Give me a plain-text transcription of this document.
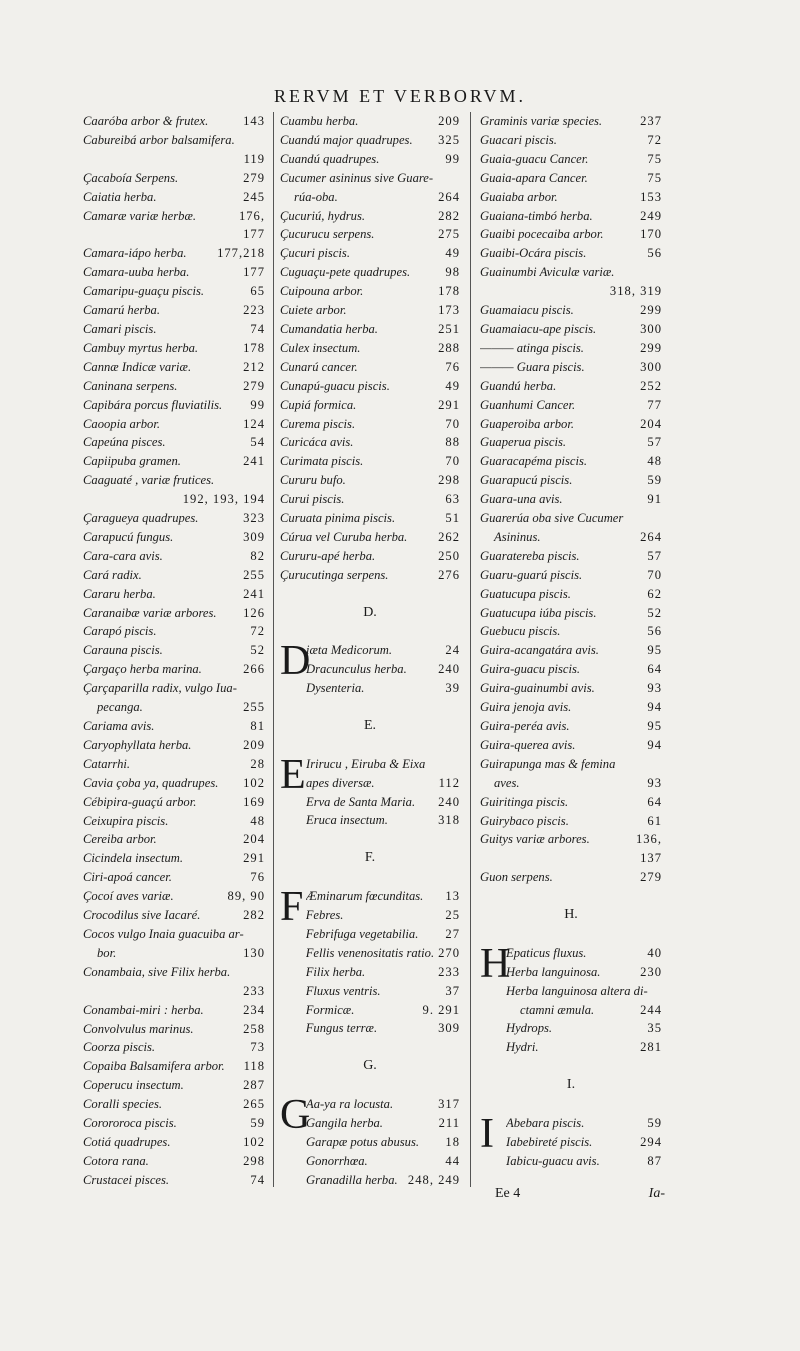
RERVM ET VERBORVM.
Caaróba arbor & frutex.	143
Cabureibá arbor balsamifera.
119
Çacaboía Serpens.	279
Caiatia herba.	245
Camaræ variæ herbæ.	176,
177
Camara-iápo herba.	177,218
Camara-uuba herba.	177
Camaripu-guaçu piscis.	65
Camarú herba.	223
Camari piscis.	74
Cambuy myrtus herba.	178
Cannæ Indicæ variæ.	212
Caninana serpens.	279
Capibára porcus fluviatilis.	99
Caoopia arbor.	124
Capeúna pisces.	54
Capiipuba gramen.	241
Caaguaté , variæ frutices.
192, 193, 194
Çaragueya quadrupes.	323
Carapucú fungus.	309
Cara-cara avis.	82
Cará radix.	255
Cararu herba.	241
Caranaibæ variæ arbores.	126
Carapó piscis.	72
Carauna piscis.	52
Çargaço herba marina.	266
Çarçaparilla radix, vulgo Iua-
pecanga.	255
Cariama avis.	81
Caryophyllata herba.	209
Catarrhi.	28
Cavia çoba ya, quadrupes.	102
Cébipira-guaçú arbor.	169
Ceixupira piscis.	48
Cereiba arbor.	204
Cicindela insectum.	291
Ciri-apoá cancer.	76
Çocoí aves variæ.	89, 90
Crocodilus sive Iacaré.	282
Cocos vulgo Inaia guacuiba ar-
bor.	130
Conambaia, sive Filix herba.
233
Conambai-miri : herba.	234
Convolvulus marinus.	258
Coorza piscis.	73
Copaiba Balsamifera arbor.	118
Coperucu insectum.	287
Coralli species.	265
Corororoca piscis.	59
Cotiá quadrupes.	102
Cotora rana.	298
Crustacei pisces.	74
Cuambu herba.	209
Cuandú major quadrupes.	325
Cuandú quadrupes.	99
Cucumer asininus sive Guare-
rúa-oba.	264
Çucuriú, hydrus.	282
Çucurucu serpens.	275
Çucuri piscis.	49
Cuguaçu-pete quadrupes.	98
Cuipouna arbor.	178
Cuiete arbor.	173
Cumandatia herba.	251
Culex insectum.	288
Cunarú cancer.	76
Cunapú-guacu piscis.	49
Cupiá formica.	291
Curema piscis.	70
Curicáca avis.	88
Curimata piscis.	70
Cururu bufo.	298
Curui piscis.	63
Curuata pinima piscis.	51
Cúrua vel Curuba herba.	262
Cururu-apé herba.	250
Çurucutinga serpens.	276
D.
D
iæta Medicorum.	24
Dracunculus herba.	240
Dysenteria.	39
E.
E Irirucu , Eiruba & Eixa
apes diversæ.	112
Erva de Santa Maria.	240
Eruca insectum.	318
F.
F Æminarum fœcunditas.	13
Febres.	25
Febrifuga vegetabilia.	27
Fellis venenositatis ratio. 270
Filix herba.	233
Fluxus ventris.	37
Formicæ.	9. 291
Fungus terræ.	309
G.
G
Aa-ya ra locusta.	317
Gangila herba.	211
Garapæ potus abusus.	18
Gonorrhœa.	44
Granadilla herba. 248, 249
Graminis variæ species.	237
Guacari piscis.	72
Guaia-guacu Cancer.	75
Guaia-apara Cancer.	75
Guaiaba arbor.	153
Guaiana-timbó herba.	249
Guaibi pocecaiba arbor.	170
Guaibi-Ocára piscis.	56
Guainumbi Aviculæ variæ.
318, 319
Guamaiacu piscis.	299
Guamaiacu-ape piscis.	300
——— atinga piscis.	299
——— Guara piscis.	300
Guandú herba.	252
Guanhumi Cancer.	77
Guaperoiba arbor.	204
Guaperua piscis.	57
Guaracapéma piscis.	48
Guarapucú piscis.	59
Guara-una avis.	91
Guarerúa oba sive Cucumer
Asininus.	264
Guaratereba piscis.	57
Guaru-guarú piscis.	70
Guatucupa piscis.	62
Guatucupa iúba piscis.	52
Guebucu piscis.	56
Guira-acangatára avis.	95
Guira-guacu piscis.	64
Guira-guainumbi avis.	93
Guira jenoja avis.	94
Guira-peréa avis.	95
Guira-querea avis.	94
Guirapunga mas & femina
aves.	93
Guiritinga piscis.	64
Guirybaco piscis.	61
Guitys variæ arbores.	136,
137
Guon serpens.	279
H.
H
Epaticus fluxus.	40
Herba languinosa.	230
Herba languinosa altera di-
ctamni æmula.	244
Hydrops.	35
Hydri.	281
I.
I Abebara piscis.	59
Iabebireté piscis.	294
Iabicu-guacu avis.	87
Ee 4	Ia-
